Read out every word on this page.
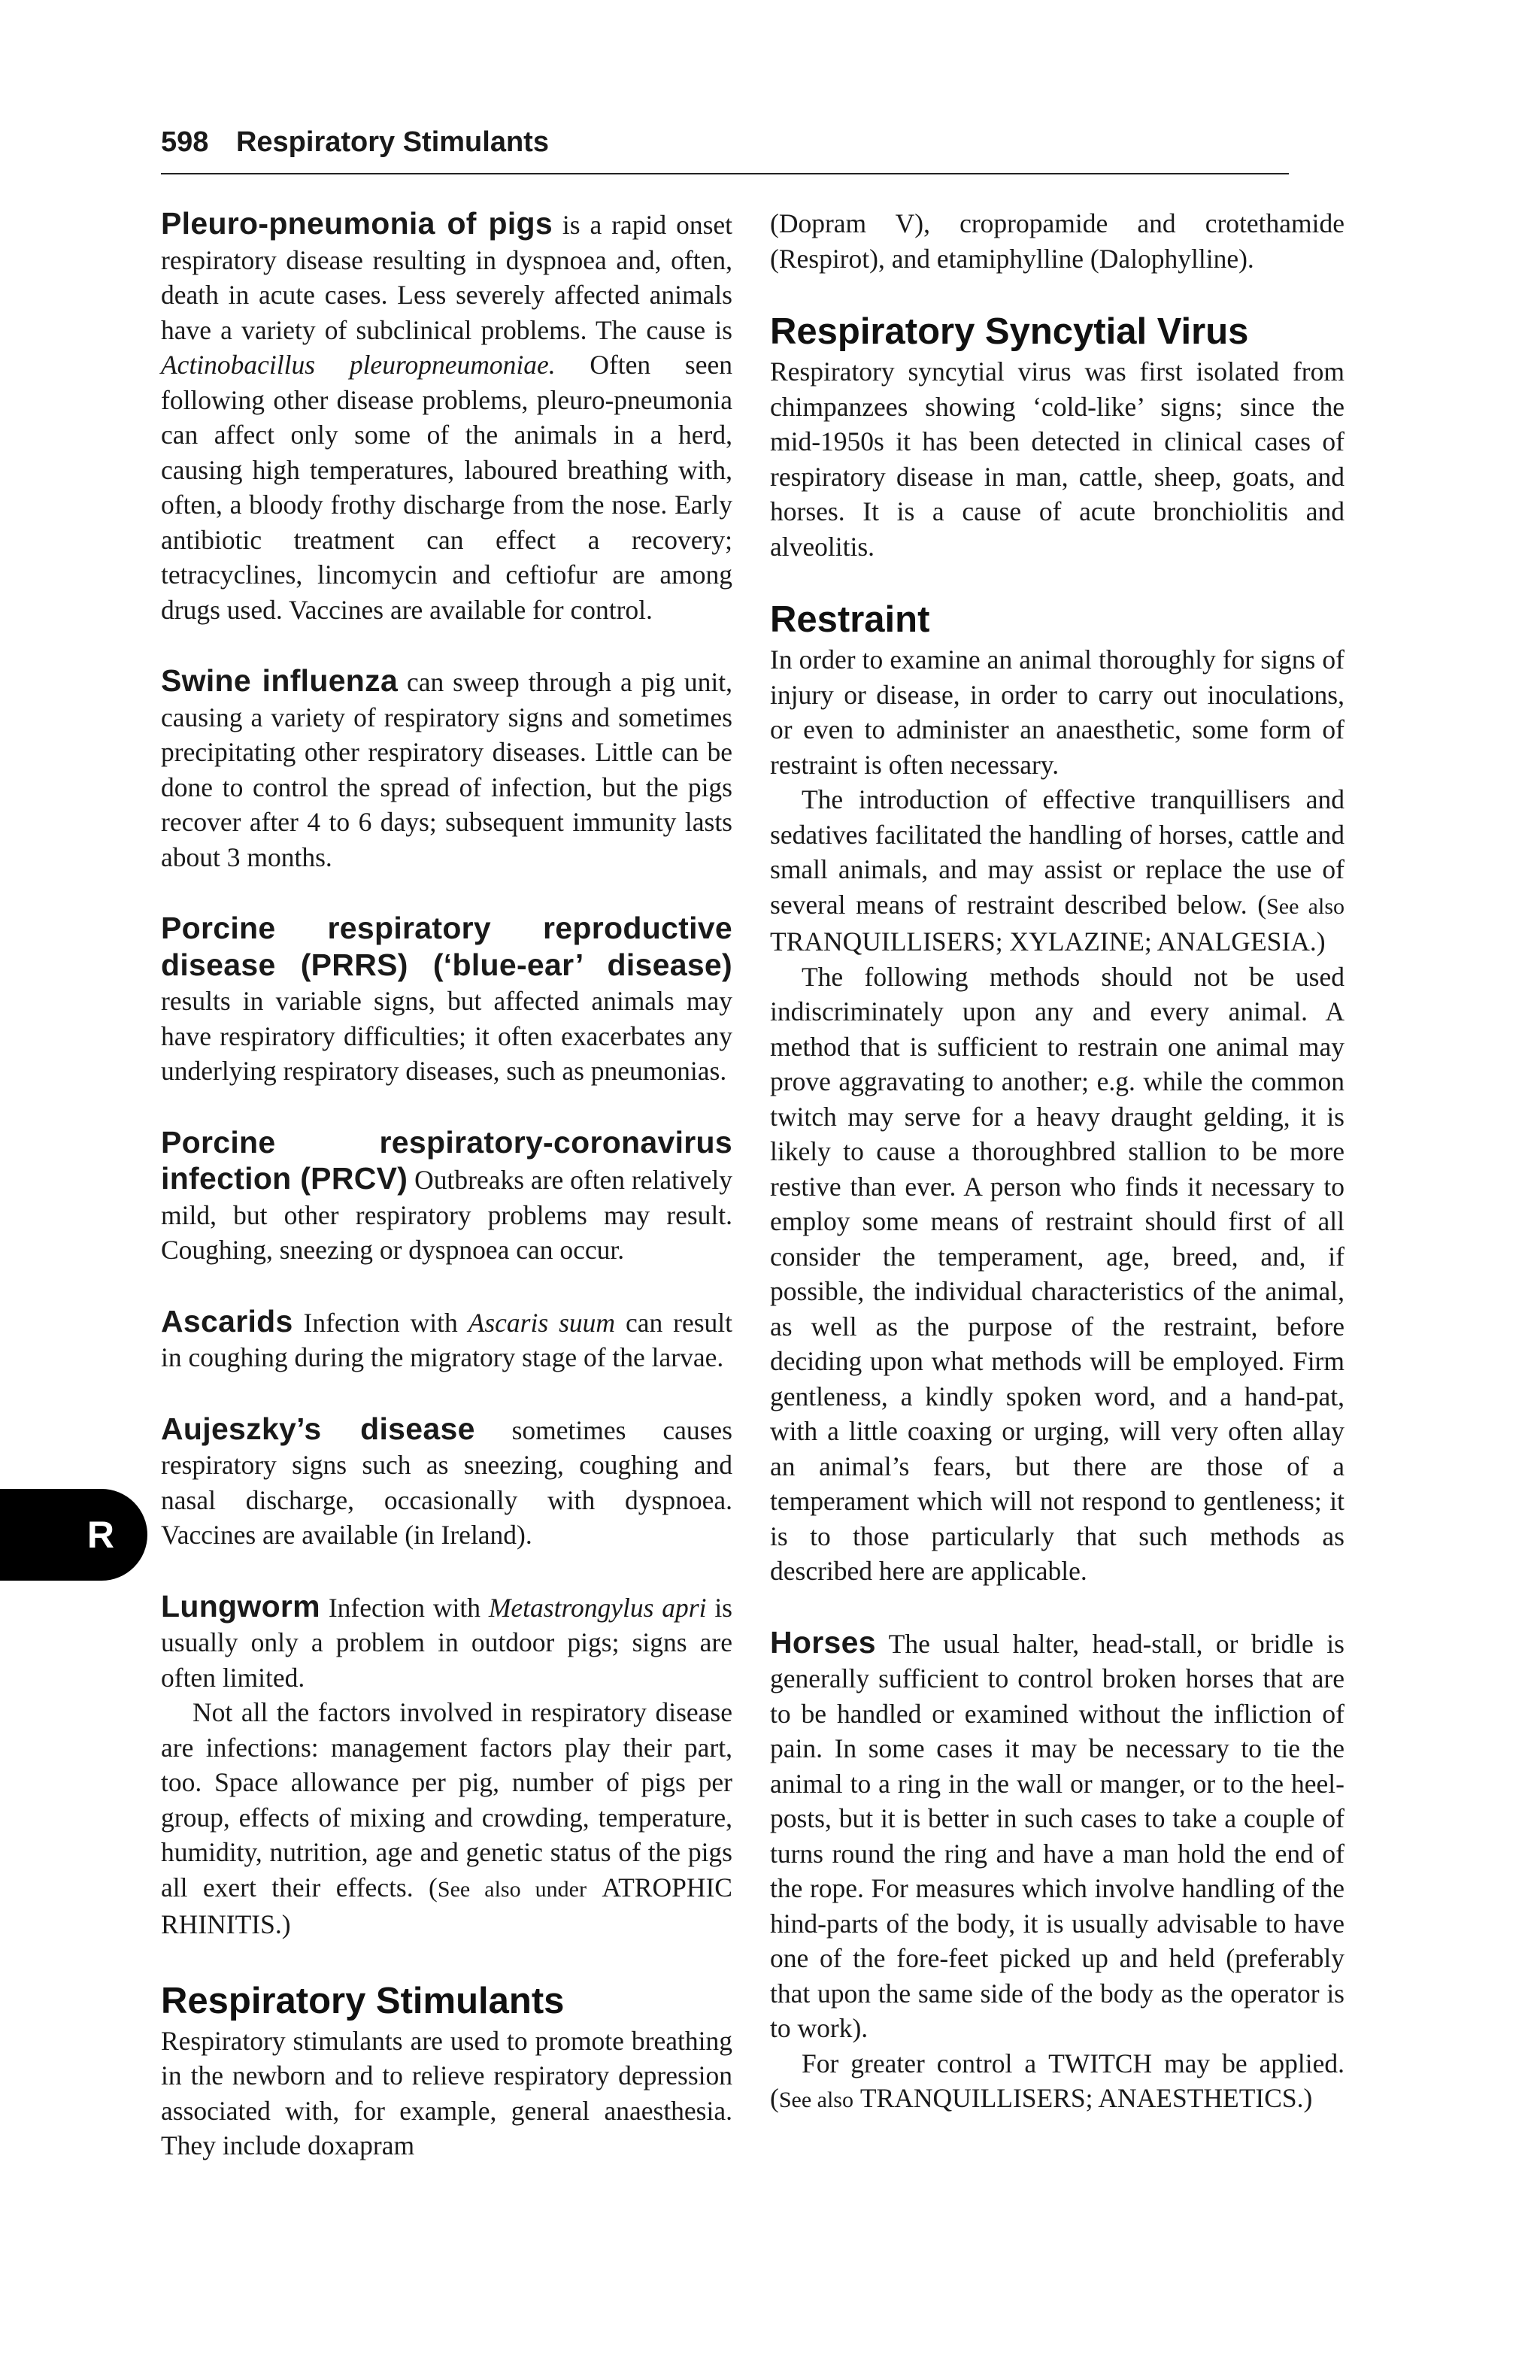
598 Respiratory Stimulants

Pleuro-pneumonia of pigs is a rapid onset respiratory disease resulting in dyspnoea and, often, death in acute cases. Less severely affected animals have a variety of subclinical problems. The cause is Actinobacillus pleuropneumoniae. Often seen following other disease problems, pleuro-pneumonia can affect only some of the animals in a herd, causing high temperatures, laboured breathing with, often, a bloody frothy discharge from the nose. Early antibiotic treatment can effect a recovery; tetracyclines, lincomycin and ceftiofur are among drugs used. Vaccines are available for control.

Swine influenza can sweep through a pig unit, causing a variety of respiratory signs and sometimes precipitating other respiratory diseases. Little can be done to control the spread of infection, but the pigs recover after 4 to 6 days; subsequent immunity lasts about 3 months.

Porcine respiratory reproductive disease (PRRS) (‘blue-ear’ disease) results in variable signs, but affected animals may have respiratory difficulties; it often exacerbates any underlying respiratory diseases, such as pneumonias.

Porcine respiratory-coronavirus infection (PRCV) Outbreaks are often relatively mild, but other respiratory problems may result. Coughing, sneezing or dyspnoea can occur.

Ascarids Infection with Ascaris suum can result in coughing during the migratory stage of the larvae.

Aujeszky’s disease sometimes causes respiratory signs such as sneezing, coughing and nasal discharge, occasionally with dyspnoea. Vaccines are available (in Ireland).

Lungworm Infection with Metastrongylus apri is usually only a problem in outdoor pigs; signs are often limited.

Not all the factors involved in respiratory disease are infections: management factors play their part, too. Space allowance per pig, number of pigs per group, effects of mixing and crowding, temperature, humidity, nutrition, age and genetic status of the pigs all exert their effects. (See also under ATROPHIC RHINITIS.)

Respiratory Stimulants

Respiratory stimulants are used to promote breathing in the newborn and to relieve respiratory depression associated with, for example, general anaesthesia. They include doxapram

(Dopram V), cropropamide and crotethamide (Respirot), and etamiphylline (Dalophylline).

Respiratory Syncytial Virus

Respiratory syncytial virus was first isolated from chimpanzees showing ‘cold-like’ signs; since the mid-1950s it has been detected in clinical cases of respiratory disease in man, cattle, sheep, goats, and horses. It is a cause of acute bronchiolitis and alveolitis.

Restraint

In order to examine an animal thoroughly for signs of injury or disease, in order to carry out inoculations, or even to administer an anaesthetic, some form of restraint is often necessary.

The introduction of effective tranquillisers and sedatives facilitated the handling of horses, cattle and small animals, and may assist or replace the use of several means of restraint described below. (See also TRANQUILLISERS; XYLAZINE; ANALGESIA.)

The following methods should not be used indiscriminately upon any and every animal. A method that is sufficient to restrain one animal may prove aggravating to another; e.g. while the common twitch may serve for a heavy draught gelding, it is likely to cause a thoroughbred stallion to be more restive than ever. A person who finds it necessary to employ some means of restraint should first of all consider the temperament, age, breed, and, if possible, the individual characteristics of the animal, as well as the purpose of the restraint, before deciding upon what methods will be employed. Firm gentleness, a kindly spoken word, and a hand-pat, with a little coaxing or urging, will very often allay an animal’s fears, but there are those of a temperament which will not respond to gentleness; it is to those particularly that such methods as described here are applicable.

Horses The usual halter, head-stall, or bridle is generally sufficient to control broken horses that are to be handled or examined without the infliction of pain. In some cases it may be necessary to tie the animal to a ring in the wall or manger, or to the heel-posts, but it is better in such cases to take a couple of turns round the ring and have a man hold the end of the rope. For measures which involve handling of the hind-parts of the body, it is usually advisable to have one of the fore-feet picked up and held (preferably that upon the same side of the body as the operator is to work).

For greater control a TWITCH may be applied. (See also TRANQUILLISERS; ANAESTHETICS.)

R
